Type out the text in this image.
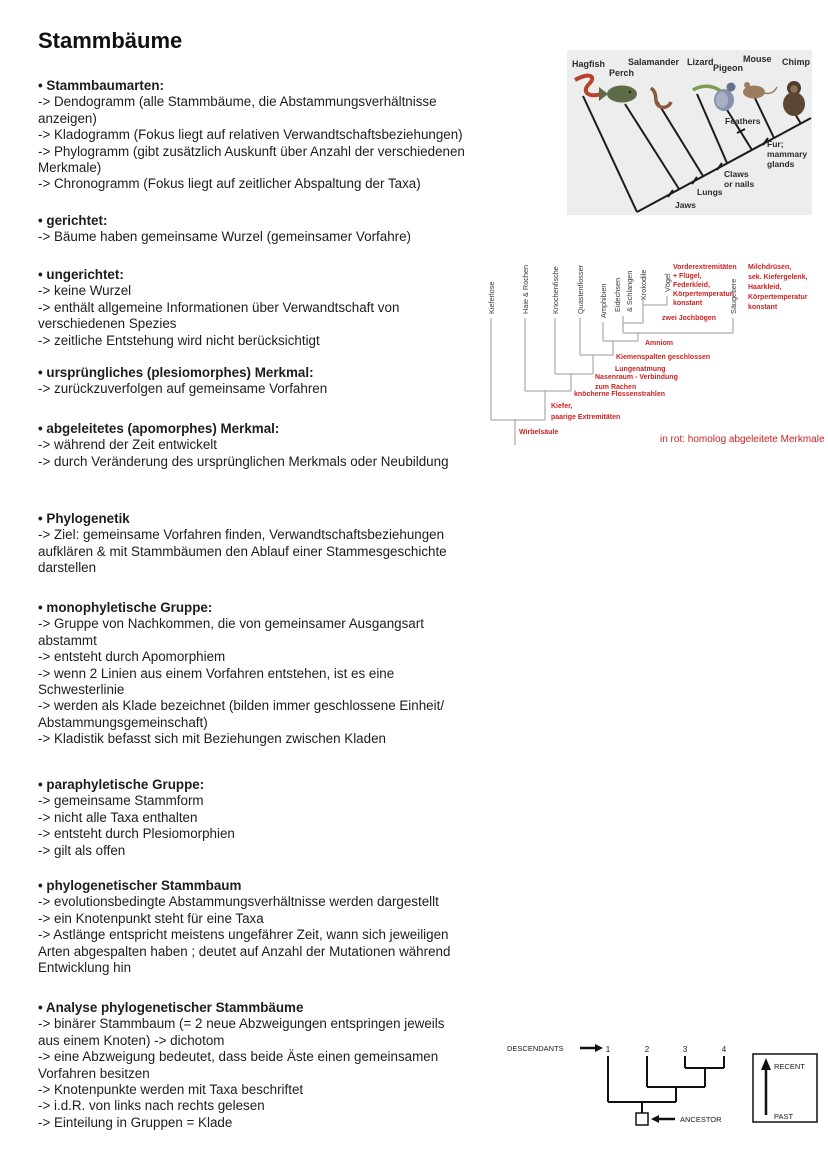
Stammbäume
• Stammbaumarten:
-> Dendogramm (alle Stammbäume, die Abstammungsverhältnisse
anzeigen)
-> Kladogramm (Fokus liegt auf relativen Verwandtschaftsbeziehungen)
-> Phylogramm (gibt zusätzlich Auskunft über Anzahl der verschiedenen
Merkmale)
-> Chronogramm (Fokus liegt auf zeitlicher Abspaltung der Taxa)
• gerichtet:
-> Bäume haben gemeinsame Wurzel (gemeinsamer Vorfahre)
• ungerichtet:
-> keine Wurzel
-> enthält allgemeine Informationen über Verwandtschaft von
verschiedenen Spezies
-> zeitliche Entstehung wird nicht berücksichtigt
• ursprüngliches (plesiomorphes) Merkmal:
-> zurückzuverfolgen auf gemeinsame Vorfahren
• abgeleitetes (apomorphes) Merkmal:
-> während der Zeit entwickelt
-> durch Veränderung des ursprünglichen Merkmals oder Neubildung
• Phylogenetik
-> Ziel: gemeinsame Vorfahren finden, Verwandtschaftsbeziehungen
aufklären & mit Stammbäumen den Ablauf einer Stammesgeschichte
darstellen
• monophyletische Gruppe:
-> Gruppe von Nachkommen, die von gemeinsamer Ausgangsart
abstammt
-> entsteht durch Apomorphiem
-> wenn 2 Linien aus einem Vorfahren entstehen, ist es eine
Schwesterlinie
-> werden als Klade bezeichnet (bilden immer geschlossene Einheit/
Abstammungsgemeinschaft)
-> Kladistik befasst sich mit Beziehungen zwischen Kladen
• paraphyletische Gruppe:
-> gemeinsame Stammform
-> nicht alle Taxa enthalten
-> entsteht durch Plesiomorphien
-> gilt als offen
• phylogenetischer Stammbaum
-> evolutionsbedingte Abstammungsverhältnisse werden dargestellt
-> ein Knotenpunkt steht für eine Taxa
-> Astlänge entspricht meistens ungefährer Zeit, wann sich jeweiligen
Arten abgespalten haben ; deutet auf Anzahl der Mutationen während
Entwicklung hin
• Analyse phylogenetischer Stammbäume
-> binärer Stammbaum (= 2 neue Abzweigungen entspringen jeweils
aus einem Knoten) -> dichotom
-> eine Abzweigung bedeutet, dass beide Äste einen gemeinsamen
Vorfahren besitzen
-> Knotenpunkte werden mit Taxa beschriftet
-> i.d.R. von links nach rechts gelesen
-> Einteilung in Gruppen = Klade
Hagfish
Perch
Salamander Lizard
Pigeon
Mouse Chimp
Feathers
Fur;
mammary
glands
Claws
or nails
Lungs
Jaws
Kieferlose	Haie & Rochen	Knochenfische Quastenflosser Amphibien Eidechsen & Schlangen Krokodile Vögel	Säugetiere
Vorderextremitäten
+ Flügel,
Federkleid,
Körpertemperatur
konstant
Milchdrüsen,
sek. Kiefergelenk,
Haarkleid,
Körpertemperatur
konstant
zwei Jochbögen
Amniom
Kiemenspalten geschlossen
Lungenatmung
Nasenraum - Verbindung
zum Rachen
knöcherne Flossenstrahlen
Kiefer,
paarige Extremitäten
Wirbelsäule
in rot: homolog abgeleitete Merkmale
DESCENDANTS	1	2	3	4
ANCESTOR
RECENT
PAST
